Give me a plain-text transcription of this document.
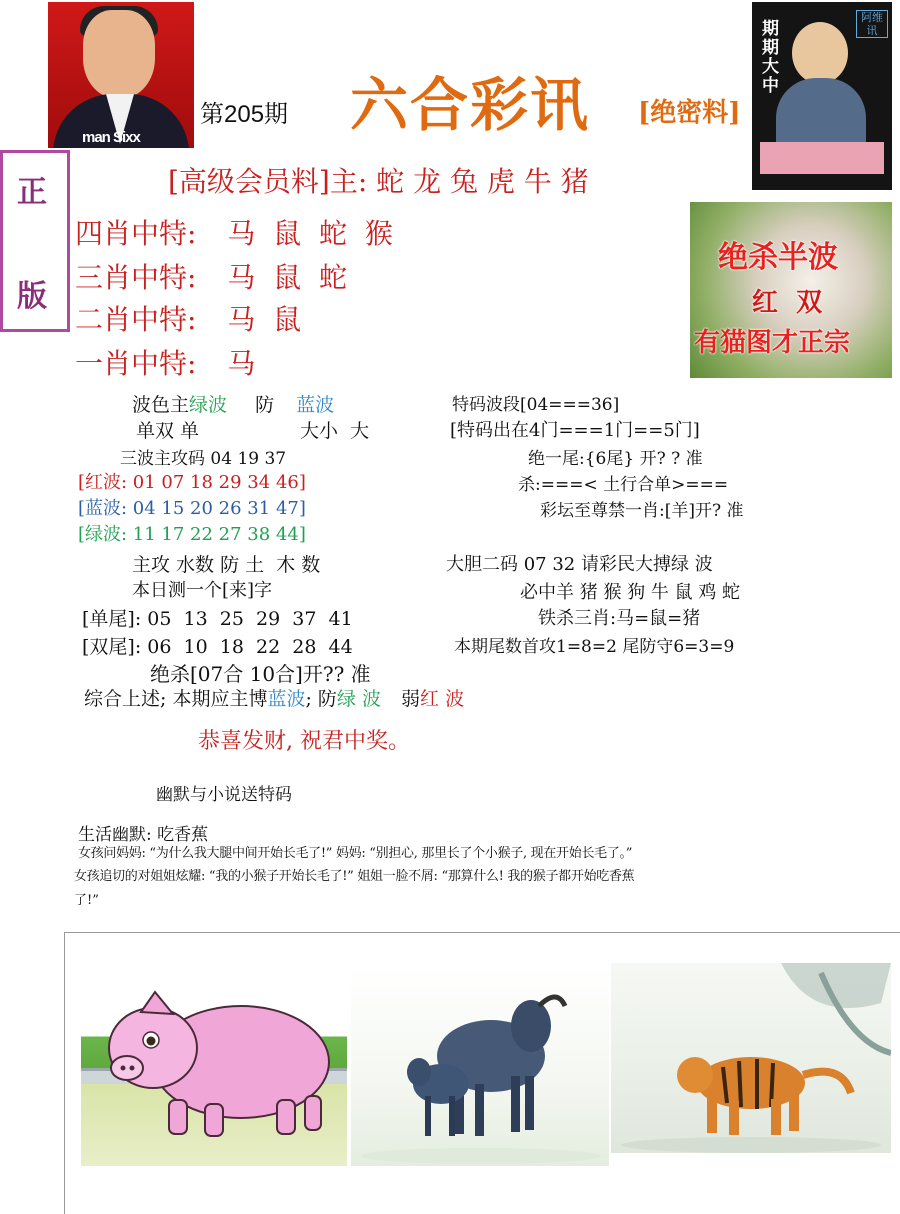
man Sixx
第205期 六合彩讯 [绝密料]
期期大中
阿维讯
正
版
[高级会员料]主: 蛇 龙 兔 虎 牛 猪
四肖中特: 马  鼠  蛇  猴
三肖中特: 马  鼠  蛇
二肖中特: 马  鼠
一肖中特: 马
绝杀半波
红  双
有猫图才正宗
波色主绿波 防 蓝波
单双 单	大小  大
三波主攻码 04 19 37
[红波: 01 07 18 29 34 46]
[蓝波: 04 15 20 26 31 47]
[绿波: 11 17 22 27 38 44]
主攻 水数 防 土  木 数
本日测一个[来]字
[单尾]: 05  13  25  29  37  41
[双尾]: 06  10  18  22  28  44
绝杀[07合 10合]开?? 准
特码波段[04===36]
[特码出在4门===1门==5门]
绝一尾:{6尾} 开? ? 准
杀:===< 土行合单>===
彩坛至尊禁一肖:[羊]开? 准
大胆二码 07 32 请彩民大搏绿 波
必中羊 猪 猴 狗 牛 鼠 鸡 蛇
铁杀三肖:马=鼠=猪
本期尾数首攻1=8=2 尾防守6=3=9
综合上述; 本期应主博蓝波; 防绿 波 弱红 波
恭喜发财, 祝君中奖。
幽默与小说送特码
生活幽默: 吃香蕉
女孩问妈妈: “为什么我大腿中间开始长毛了!” 妈妈: “别担心, 那里长了个小猴子, 现在开始长毛了。”
女孩追切的对姐姐炫耀: “我的小猴子开始长毛了!” 姐姐一脸不屑: “那算什么! 我的猴子都开始吃香蕉
了!”
